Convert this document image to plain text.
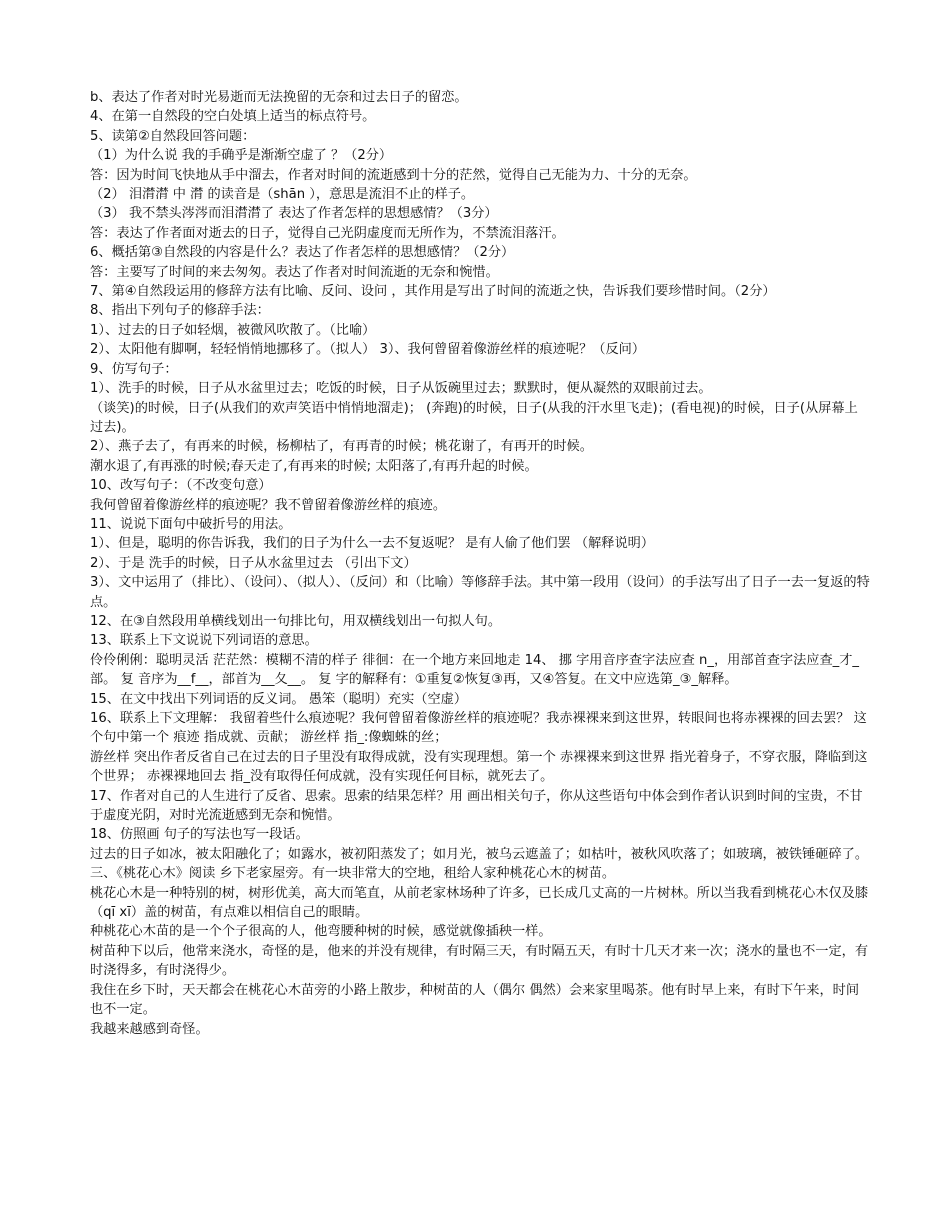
b、表达了作者对时光易逝而无法挽留的无奈和过去日子的留恋。
4、在第一自然段的空白处填上适当的标点符号。
5、读第②自然段回答问题：
（1）为什么说 我的手确乎是渐渐空虚了 ？（2分）
答：因为时间飞快地从手中溜去，作者对时间的流逝感到十分的茫然，觉得自己无能为力、十分的无奈。
（2） 泪潸潸 中 潸 的读音是（shān ），意思是流泪不止的样子。
（3） 我不禁头涔涔而泪潸潸了 表达了作者怎样的思想感情？（3分）
答：表达了作者面对逝去的日子，觉得自己光阴虚度而无所作为，不禁流泪落汗。
6、概括第③自然段的内容是什么？表达了作者怎样的思想感情？（2分）
答：主要写了时间的来去匆匆。表达了作者对时间流逝的无奈和惋惜。
7、第④自然段运用的修辞方法有比喻、反问、设问 ，其作用是写出了时间的流逝之快，告诉我们要珍惜时间。（2分）
8、指出下列句子的修辞手法：
1）、过去的日子如轻烟，被微风吹散了。（比喻）
2）、太阳他有脚啊，轻轻悄悄地挪移了。（拟人） 3）、我何曾留着像游丝样的痕迹呢？（反问）
9、仿写句子：
1）、洗手的时候，日子从水盆里过去；吃饭的时候，日子从饭碗里过去；默默时，便从凝然的双眼前过去。
（谈笑)的时候，日子(从我们的欢声笑语中悄悄地溜走)； (奔跑)的时候，日子(从我的汗水里飞走)；(看电视)的时候，日子(从屏幕上过去)。
2）、燕子去了，有再来的时候，杨柳枯了，有再青的时候；桃花谢了，有再开的时候。
潮水退了,有再涨的时候;春天走了,有再来的时候; 太阳落了,有再升起的时候。
10、改写句子：（不改变句意）
我何曾留着像游丝样的痕迹呢？我不曾留着像游丝样的痕迹。
11、说说下面句中破折号的用法。
1）、但是，聪明的你告诉我，我们的日子为什么一去不复返呢？ 是有人偷了他们罢 （解释说明）
2）、于是 洗手的时候，日子从水盆里过去 （引出下文）
3）、文中运用了（排比）、（设问）、（拟人）、（反问）和（比喻）等修辞手法。其中第一段用（设问）的手法写出了日子一去一复返的特点。
12、在③自然段用单横线划出一句排比句，用双横线划出一句拟人句。
13、联系上下文说说下列词语的意思。
伶伶俐俐：聪明灵活 茫茫然：模糊不清的样子 徘徊：在一个地方来回地走 14、 挪 字用音序查字法应查 n_，用部首查字法应查_才_部。 复 音序为__f__，部首为__夂__。 复 字的解释有：①重复②恢复③再，又④答复。在文中应选第_③_解释。
15、在文中找出下列词语的反义词。 愚笨（聪明）充实（空虚）
16、联系上下文理解： 我留着些什么痕迹呢？我何曾留着像游丝样的痕迹呢？我赤裸裸来到这世界，转眼间也将赤裸裸的回去罢？ 这个句中第一个 痕迹 指成就、贡献； 游丝样 指_:像蜘蛛的丝；
游丝样 突出作者反省自己在过去的日子里没有取得成就，没有实现理想。第一个 赤裸裸来到这世界 指光着身子，不穿衣服，降临到这个世界； 赤裸裸地回去 指_没有取得任何成就，没有实现任何目标，就死去了。
17、作者对自己的人生进行了反省、思索。思索的结果怎样？用 画出相关句子，你从这些语句中体会到作者认识到时间的宝贵，不甘于虚度光阴，对时光流逝感到无奈和惋惜。
18、仿照画 句子的写法也写一段话。
过去的日子如冰，被太阳融化了；如露水，被初阳蒸发了；如月光，被乌云遮盖了；如枯叶，被秋风吹落了；如玻璃，被铁锤砸碎了。
三、《桃花心木》阅读 乡下老家屋旁。有一块非常大的空地，租给人家种桃花心木的树苗。
桃花心木是一种特别的树，树形优美，高大而笔直，从前老家林场种了许多，已长成几丈高的一片树林。所以当我看到桃花心木仅及膝（qī xī）盖的树苗，有点难以相信自己的眼睛。
种桃花心木苗的是一个个子很高的人，他弯腰种树的时候，感觉就像插秧一样。
树苗种下以后，他常来浇水，奇怪的是，他来的并没有规律，有时隔三天，有时隔五天，有时十几天才来一次；浇水的量也不一定，有时浇得多，有时浇得少。
我住在乡下时，天天都会在桃花心木苗旁的小路上散步，种树苗的人（偶尔 偶然）会来家里喝茶。他有时早上来，有时下午来，时间也不一定。
我越来越感到奇怪。
